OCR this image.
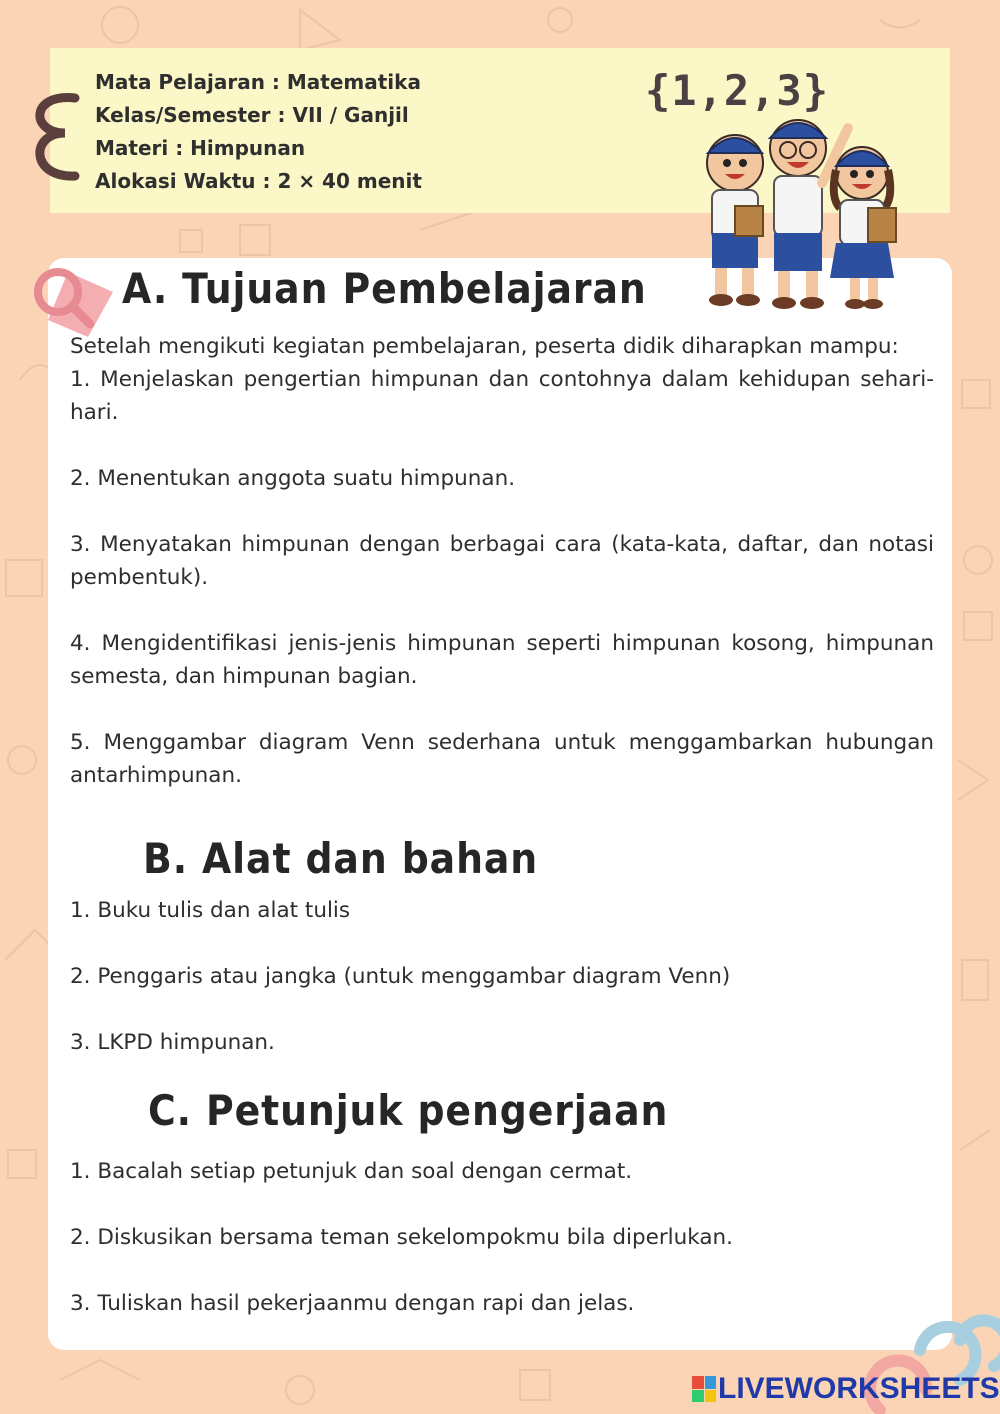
Mata Pelajaran : Matematika
Kelas/Semester : VII / Ganjil
Materi : Himpunan
Alokasi Waktu : 2 × 40 menit
{1,2,3}
A. Tujuan Pembelajaran

Setelah mengikuti kegiatan pembelajaran, peserta didik diharapkan mampu:

1. Menjelaskan pengertian himpunan dan contohnya dalam kehidupan sehari-hari.

2. Menentukan anggota suatu himpunan.

3. Menyatakan himpunan dengan berbagai cara (kata-kata, daftar, dan notasi pembentuk).

4. Mengidentifikasi jenis-jenis himpunan seperti himpunan kosong, himpunan semesta, dan himpunan bagian.

5. Menggambar diagram Venn sederhana untuk menggambarkan hubungan antarhimpunan.

B. Alat dan bahan

1. Buku tulis dan alat tulis

2. Penggaris atau jangka (untuk menggambar diagram Venn)

3. LKPD himpunan.

C. Petunjuk pengerjaan

1. Bacalah setiap petunjuk dan soal dengan cermat.

2. Diskusikan bersama teman sekelompokmu bila diperlukan.

3. Tuliskan hasil pekerjaanmu dengan rapi dan jelas.

LIVEWORKSHEETS
